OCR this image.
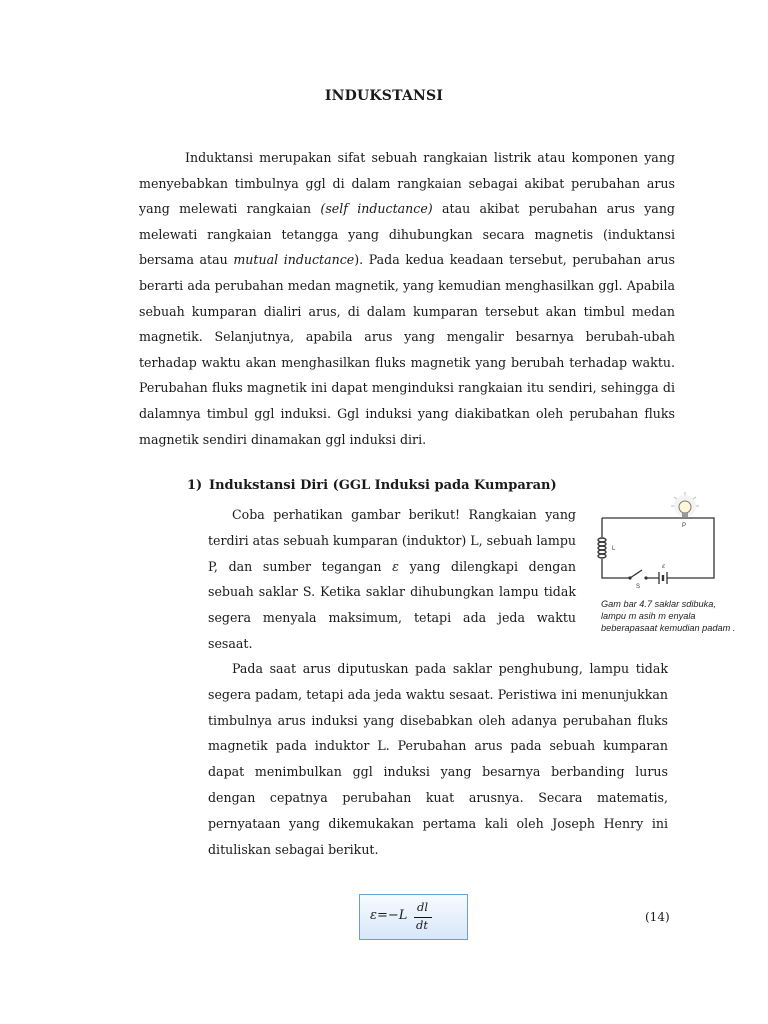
INDUKSTANSI

Induktansi merupakan sifat sebuah rangkaian listrik atau komponen yang menyebabkan timbulnya ggl di dalam rangkaian sebagai akibat perubahan arus yang melewati rangkaian (self inductance) atau akibat perubahan arus yang melewati rangkaian tetangga yang dihubungkan secara magnetis (induktansi bersama atau mutual inductance). Pada kedua keadaan tersebut, perubahan arus berarti ada perubahan medan magnetik, yang kemudian menghasilkan ggl. Apabila sebuah kumparan dialiri arus, di dalam kumparan tersebut akan timbul medan magnetik. Selanjutnya, apabila arus yang mengalir besarnya berubah-ubah terhadap waktu akan menghasilkan fluks magnetik yang berubah terhadap waktu. Perubahan fluks magnetik ini dapat menginduksi rangkaian itu sendiri, sehingga di dalamnya timbul ggl induksi. Ggl induksi yang diakibatkan oleh perubahan fluks magnetik sendiri dinamakan ggl induksi diri.

1) Indukstansi Diri (GGL Induksi pada Kumparan)

Coba perhatikan gambar berikut! Rangkaian yang terdiri atas sebuah kumparan (induktor) L, sebuah lampu P, dan sumber tegangan ε yang dilengkapi dengan sebuah saklar S. Ketika saklar dihubungkan lampu tidak segera menyala maksimum, tetapi ada jeda waktu sesaat.

P
L
S
ε
Gam bar 4.7 saklar sdibuka, lampu m asih m enyala beberapasaat kemudian padam .

Pada saat arus diputuskan pada saklar penghubung, lampu tidak segera padam, tetapi ada jeda waktu sesaat. Peristiwa ini menunjukkan timbulnya arus induksi yang disebabkan oleh adanya perubahan fluks magnetik pada induktor L. Perubahan arus pada sebuah kumparan dapat menimbulkan ggl induksi yang besarnya berbanding lurus dengan cepatnya perubahan kuat arusnya. Secara matematis, pernyataan yang dikemukakan pertama kali oleh Joseph Henry ini dituliskan sebagai berikut.

ε=−L
dl
dt
(14)
